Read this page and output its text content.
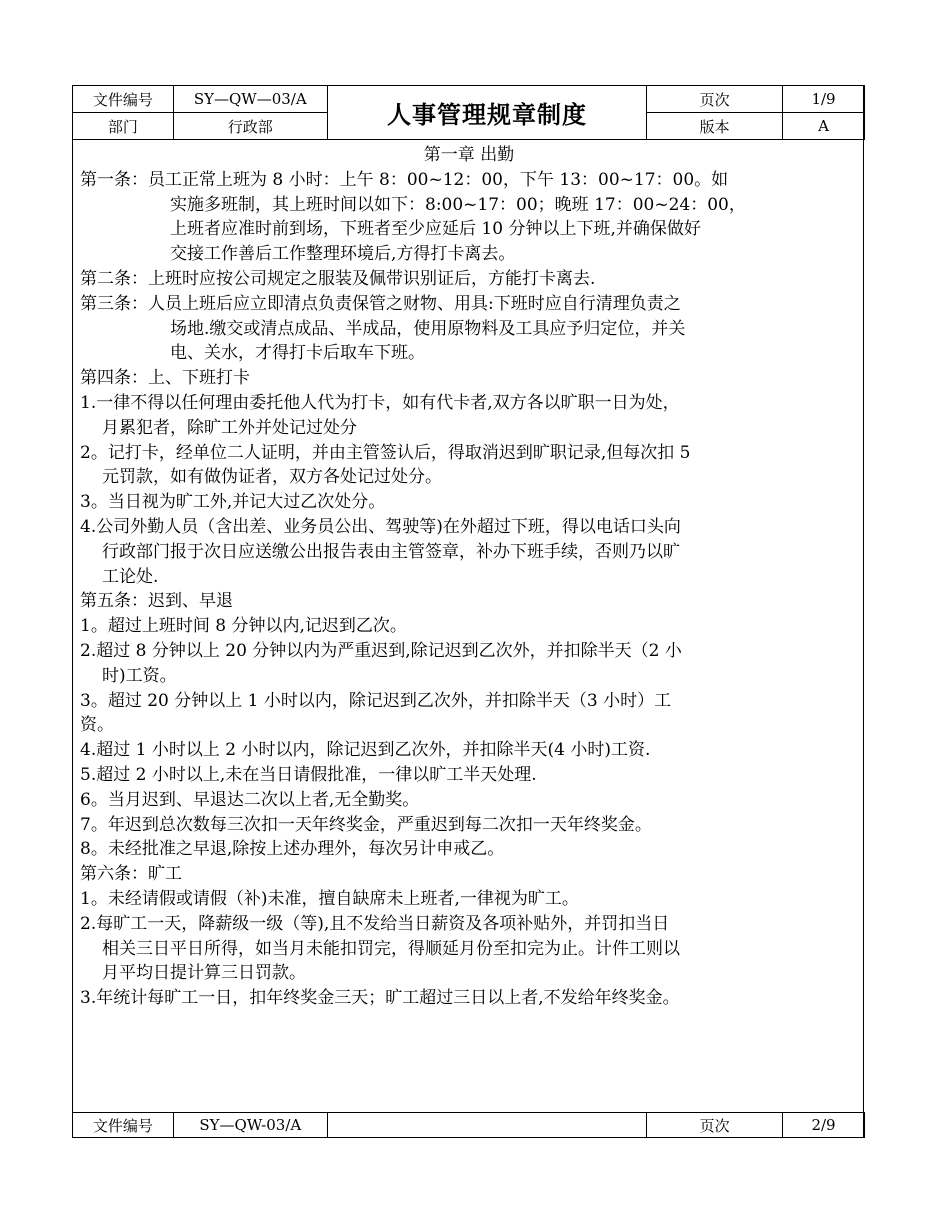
文件编号	SY—QW—03/A	人事管理规章制度	页次	1/9
部门	行政部		版本	A
第一章 出勤
第一条：员工正常上班为 8 小时：上午 8：00~12：00，下午 13：00~17：00。如
实施多班制，其上班时间以如下：8:00~17：00；晚班 17：00~24：00，
上班者应准时前到场，下班者至少应延后 10 分钟以上下班,并确保做好
交接工作善后工作整理环境后,方得打卡离去。
第二条：上班时应按公司规定之服装及佩带识别证后，方能打卡离去.
第三条：人员上班后应立即清点负责保管之财物、用具:下班时应自行清理负责之
场地.缴交或清点成品、半成品，使用原物料及工具应予归定位，并关
电、关水，才得打卡后取车下班。
第四条：上、下班打卡
1.一律不得以任何理由委托他人代为打卡，如有代卡者,双方各以旷职一日为处，
月累犯者，除旷工外并处记过处分
2。记打卡，经单位二人证明，并由主管签认后，得取消迟到旷职记录,但每次扣 5
元罚款，如有做伪证者，双方各处记过处分。
3。当日视为旷工外,并记大过乙次处分。
4.公司外勤人员（含出差、业务员公出、驾驶等)在外超过下班，得以电话口头向
行政部门报于次日应送缴公出报告表由主管签章，补办下班手续，否则乃以旷
工论处.
第五条：迟到、早退
1。超过上班时间 8 分钟以内,记迟到乙次。
2.超过 8 分钟以上 20 分钟以内为严重迟到,除记迟到乙次外，并扣除半天（2 小
时)工资。
3。超过 20 分钟以上 1 小时以内，除记迟到乙次外，并扣除半天（3 小时）工
资。
4.超过 1 小时以上 2 小时以内，除记迟到乙次外，并扣除半天(4 小时)工资.
5.超过 2 小时以上,未在当日请假批准，一律以旷工半天处理.
6。当月迟到、早退达二次以上者,无全勤奖。
7。年迟到总次数每三次扣一天年终奖金，严重迟到每二次扣一天年终奖金。
8。未经批准之早退,除按上述办理外，每次另计申戒乙。
第六条：旷工
1。未经请假或请假（补)未准，擅自缺席未上班者,一律视为旷工。
2.每旷工一天，降薪级一级（等),且不发给当日薪资及各项补贴外，并罚扣当日
相关三日平日所得，如当月未能扣罚完，得顺延月份至扣完为止。计件工则以
月平均日提计算三日罚款。
3.年统计每旷工一日，扣年终奖金三天；旷工超过三日以上者,不发给年终奖金。
文件编号	SY—QW-03/A		页次	2/9
